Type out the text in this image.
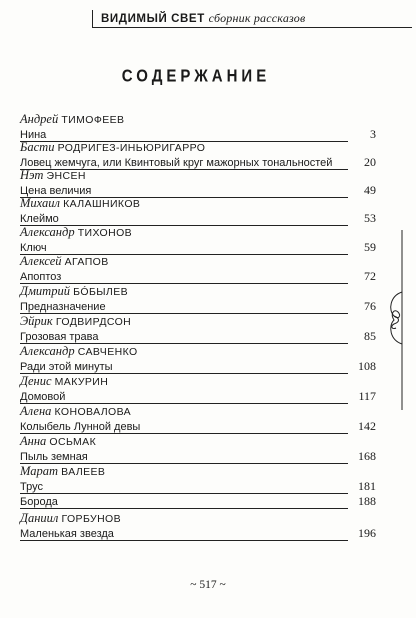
ВИДИМЫЙ СВЕТ сборник рассказов
СОДЕРЖАНИЕ
Андрей ТИМОФЕЕВ
Нина	3
Басти РОДРИГЕЗ-ИНЬЮРИГАРРО
Ловец жемчуга, или Квинтовый круг мажорных тональностей	20
Нэт ЭНСЕН
Цена величия	49
Михаил КАЛАШНИКОВ
Клеймо	53
Александр ТИХОНОВ
Ключ	59
Алексей АГАПОВ
Апоптоз	72
Дмитрий БÓБЫЛЕВ
Предназначение	76
Эйрик ГОДВИРДСОН
Грозовая трава	85
Александр САВЧЕНКО
Ради этой минуты	108
Денис МАКУРИН
Домовой	117
Алена КОНОВАЛОВА
Колыбель Лунной девы	142
Анна ОСЬМАК
Пыль земная	168
Марат ВАЛЕЕВ
Трус	181
Борода	188
Даниил ГОРБУНОВ
Маленькая звезда	196
~ 517 ~
